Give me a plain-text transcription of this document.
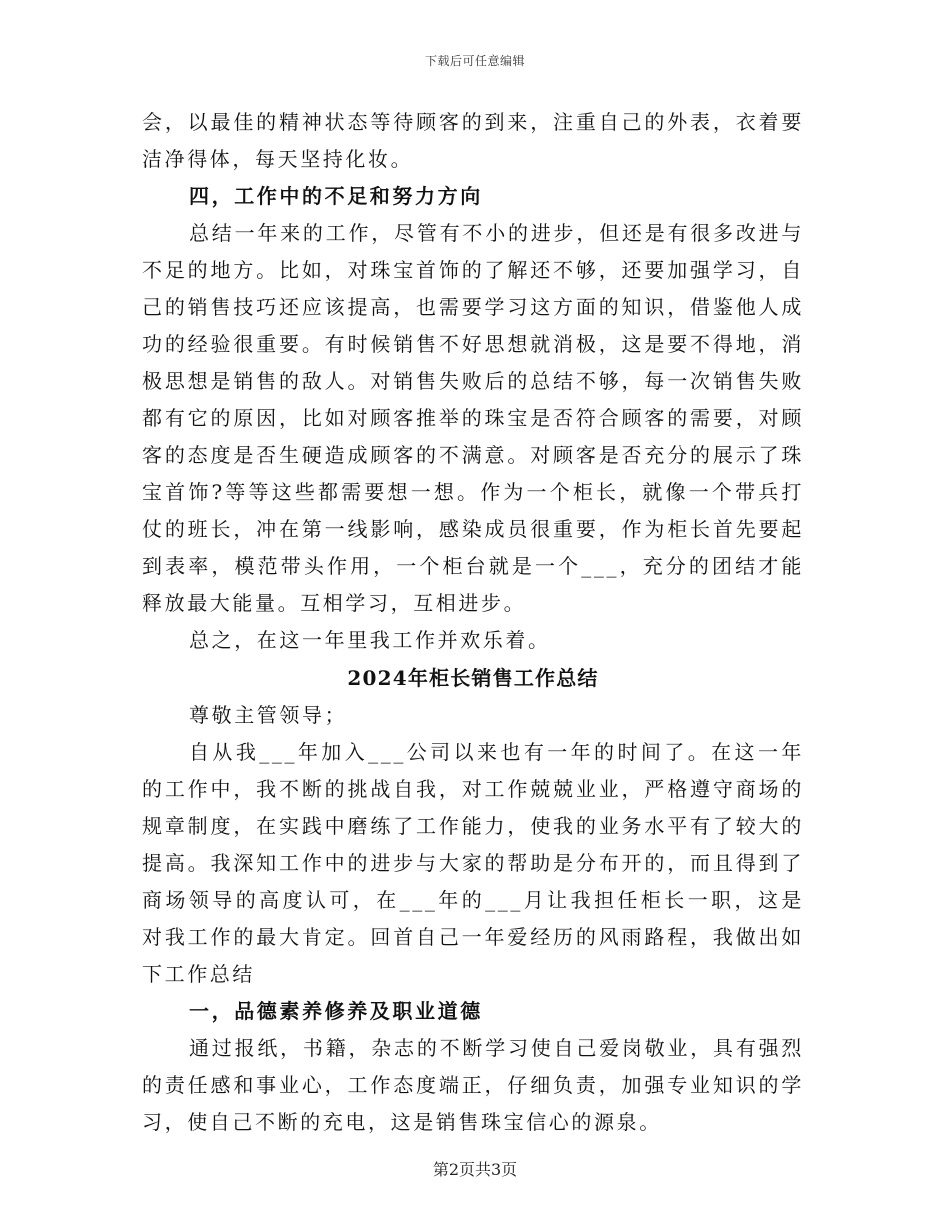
下载后可任意编辑

会，以最佳的精神状态等待顾客的到来，注重自己的外表，衣着要洁净得体，每天坚持化妆。

四，工作中的不足和努力方向

总结一年来的工作，尽管有不小的进步，但还是有很多改进与不足的地方。比如，对珠宝首饰的了解还不够，还要加强学习，自己的销售技巧还应该提高，也需要学习这方面的知识，借鉴他人成功的经验很重要。有时候销售不好思想就消极，这是要不得地，消极思想是销售的敌人。对销售失败后的总结不够，每一次销售失败都有它的原因，比如对顾客推举的珠宝是否符合顾客的需要，对顾客的态度是否生硬造成顾客的不满意。对顾客是否充分的展示了珠宝首饰?等等这些都需要想一想。作为一个柜长，就像一个带兵打仗的班长，冲在第一线影响，感染成员很重要，作为柜长首先要起到表率，模范带头作用，一个柜台就是一个___，充分的团结才能释放最大能量。互相学习，互相进步。

总之，在这一年里我工作并欢乐着。

2024年柜长销售工作总结

尊敬主管领导；

自从我___年加入___公司以来也有一年的时间了。在这一年的工作中，我不断的挑战自我，对工作兢兢业业，严格遵守商场的规章制度，在实践中磨练了工作能力，使我的业务水平有了较大的提高。我深知工作中的进步与大家的帮助是分布开的，而且得到了商场领导的高度认可，在___年的___月让我担任柜长一职，这是对我工作的最大肯定。回首自己一年爱经历的风雨路程，我做出如下工作总结

一，品德素养修养及职业道德

通过报纸，书籍，杂志的不断学习使自己爱岗敬业，具有强烈的责任感和事业心，工作态度端正，仔细负责，加强专业知识的学习，使自己不断的充电，这是销售珠宝信心的源泉。

第2页共3页
